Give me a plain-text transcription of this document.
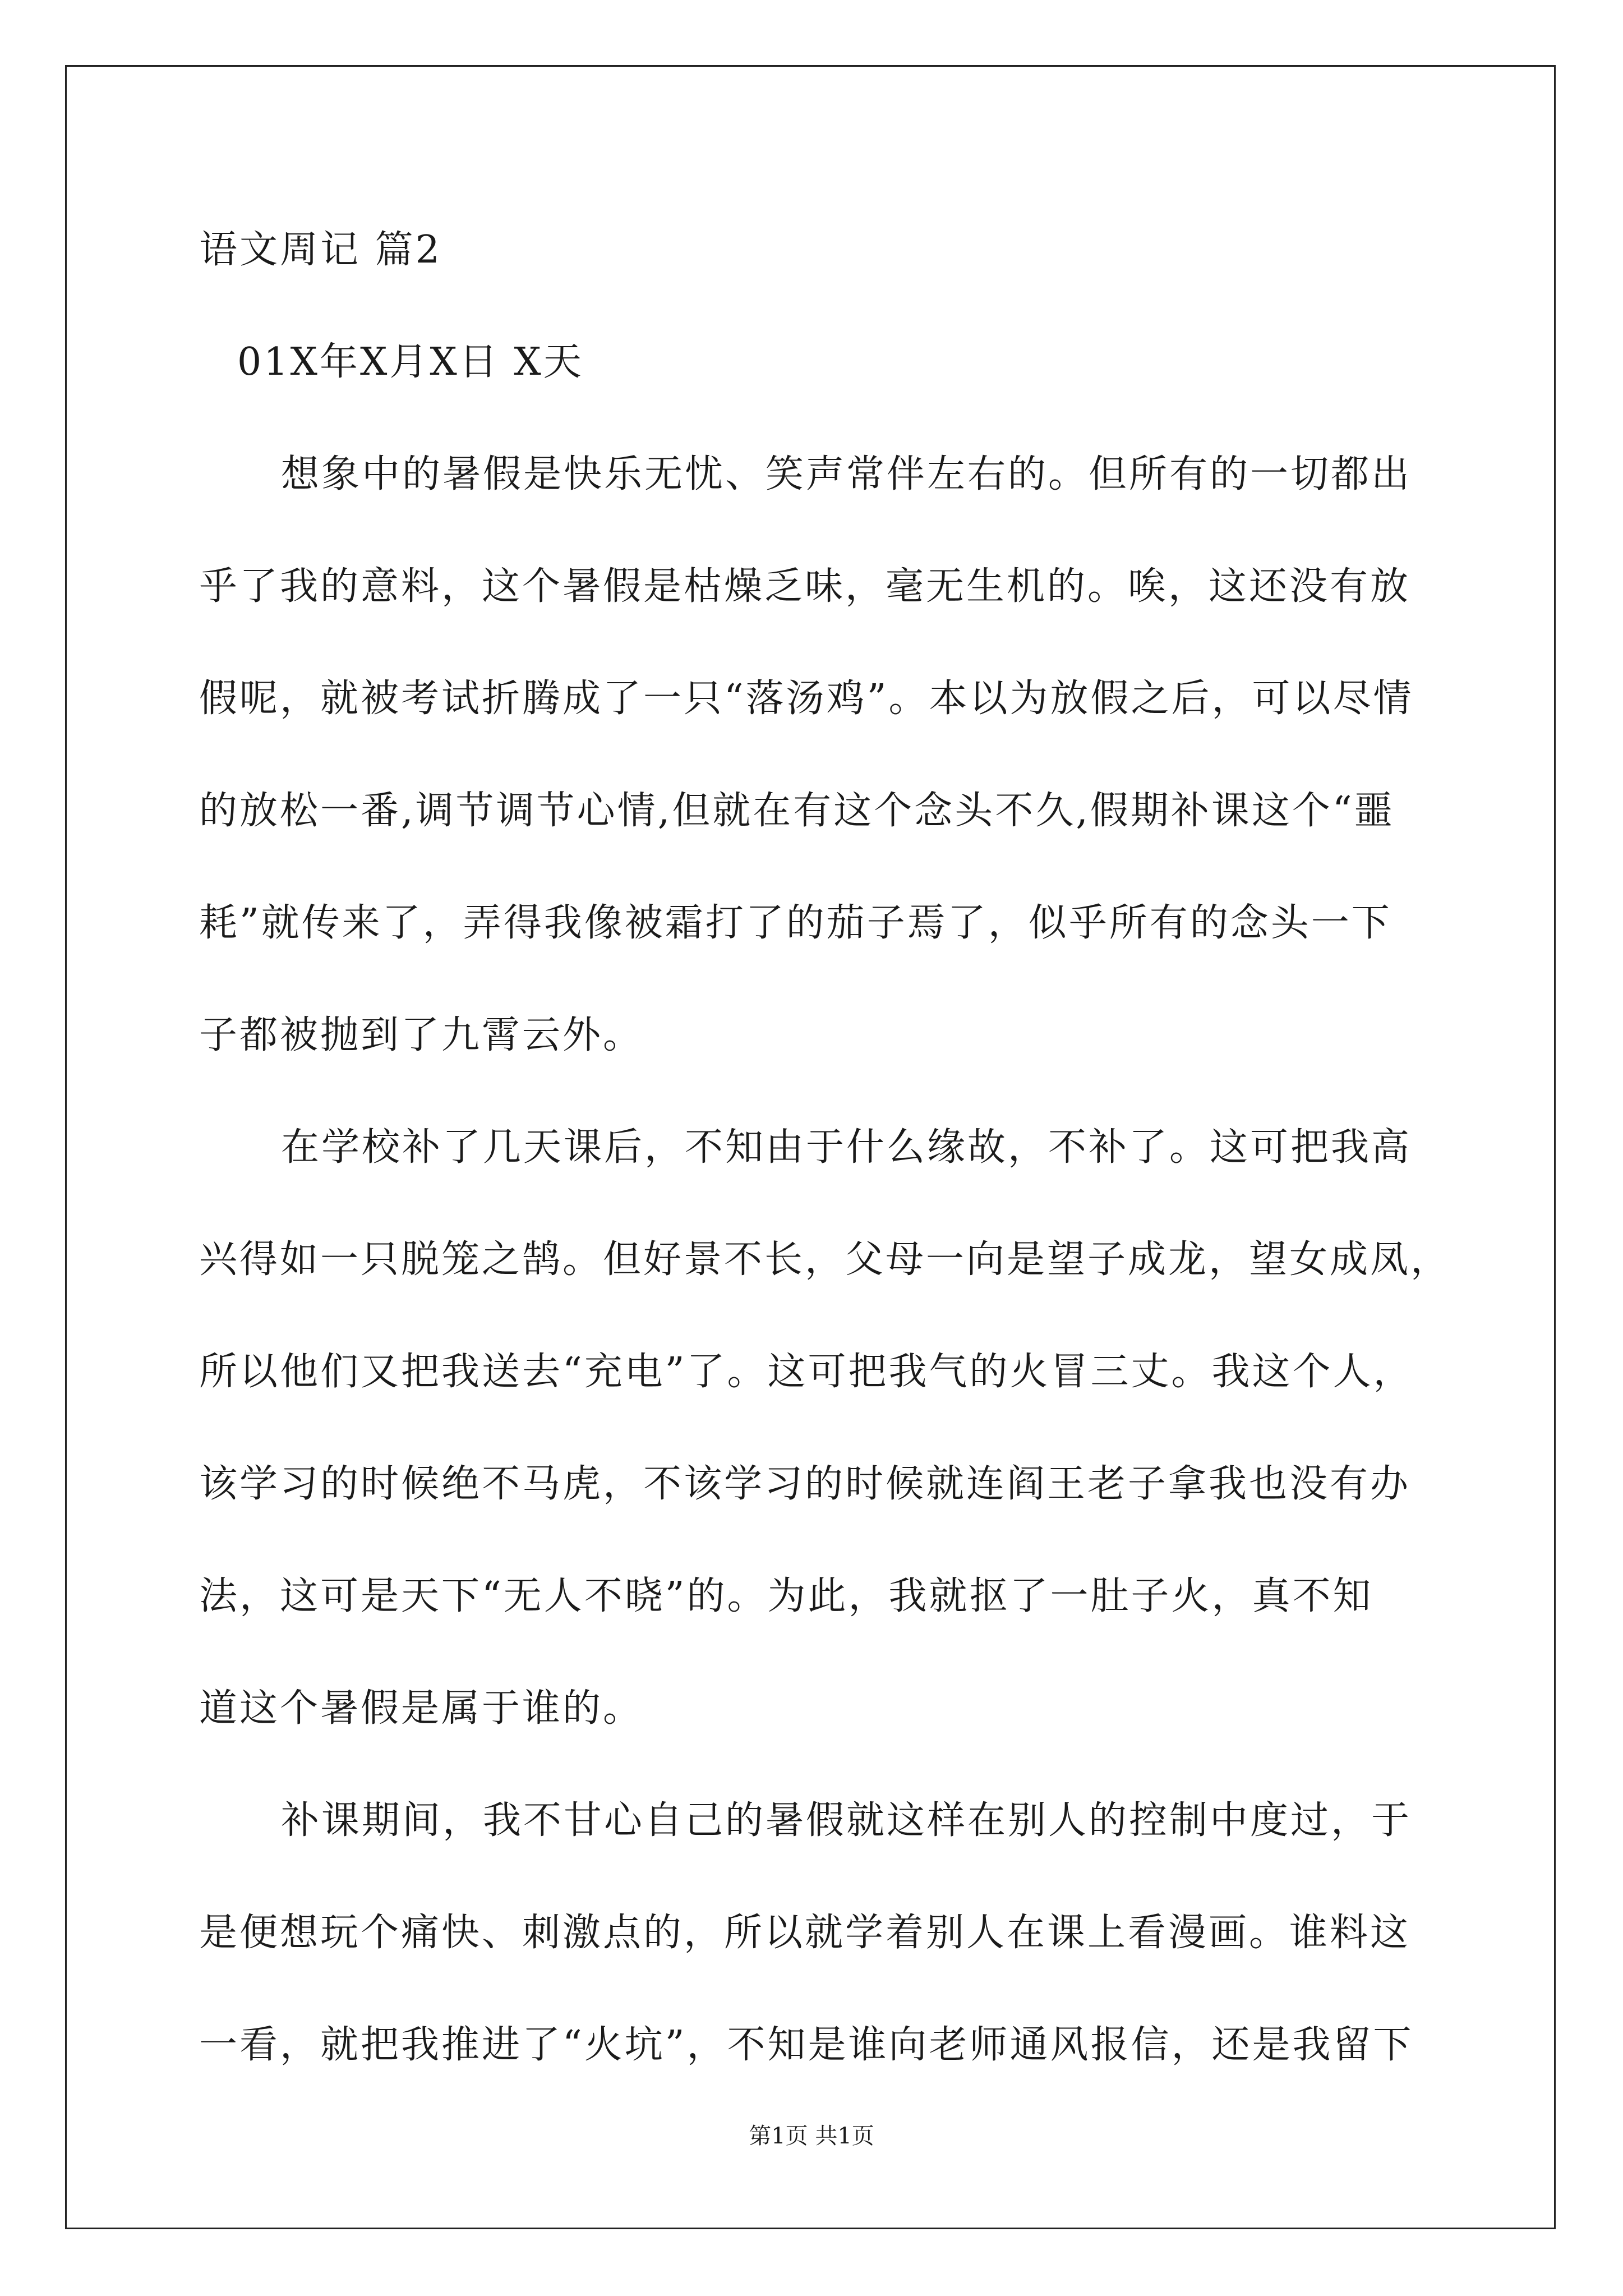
语文周记 篇2
01X年X月X日 X天
想象中的暑假是快乐无忧、笑声常伴左右的。但所有的一切都出
乎了我的意料，这个暑假是枯燥乏味，毫无生机的。唉，这还没有放
假呢，就被考试折腾成了一只“落汤鸡”。本以为放假之后，可以尽情
的放松一番,调节调节心情,但就在有这个念头不久,假期补课这个“噩
耗”就传来了，弄得我像被霜打了的茄子焉了，似乎所有的念头一下
子都被抛到了九霄云外。
在学校补了几天课后，不知由于什么缘故，不补了。这可把我高
兴得如一只脱笼之鹄。但好景不长，父母一向是望子成龙，望女成凤，
所以他们又把我送去“充电”了。这可把我气的火冒三丈。我这个人，
该学习的时候绝不马虎，不该学习的时候就连阎王老子拿我也没有办
法，这可是天下“无人不晓”的。为此，我就抠了一肚子火，真不知
道这个暑假是属于谁的。
补课期间，我不甘心自己的暑假就这样在别人的控制中度过，于
是便想玩个痛快、刺激点的，所以就学着别人在课上看漫画。谁料这
一看，就把我推进了“火坑”，不知是谁向老师通风报信，还是我留下
第1页 共1页
